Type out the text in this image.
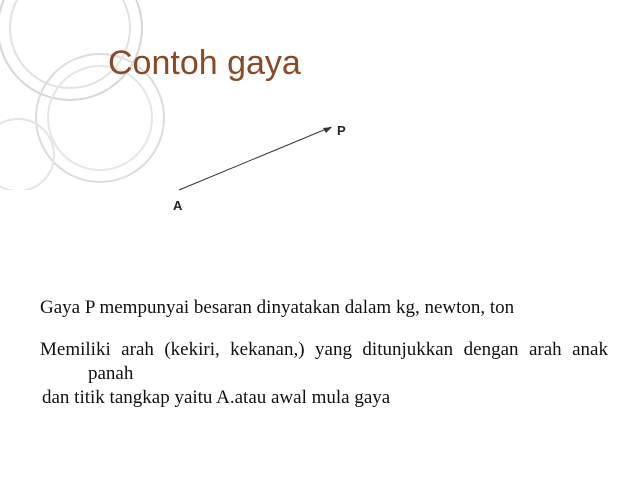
Contoh gaya
P
A

Gaya P mempunyai besaran dinyatakan dalam kg, newton, ton

Memiliki arah (kekiri, kekanan,) yang ditunjukkan dengan arah anak panah

dan titik tangkap yaitu A.atau awal mula gaya
